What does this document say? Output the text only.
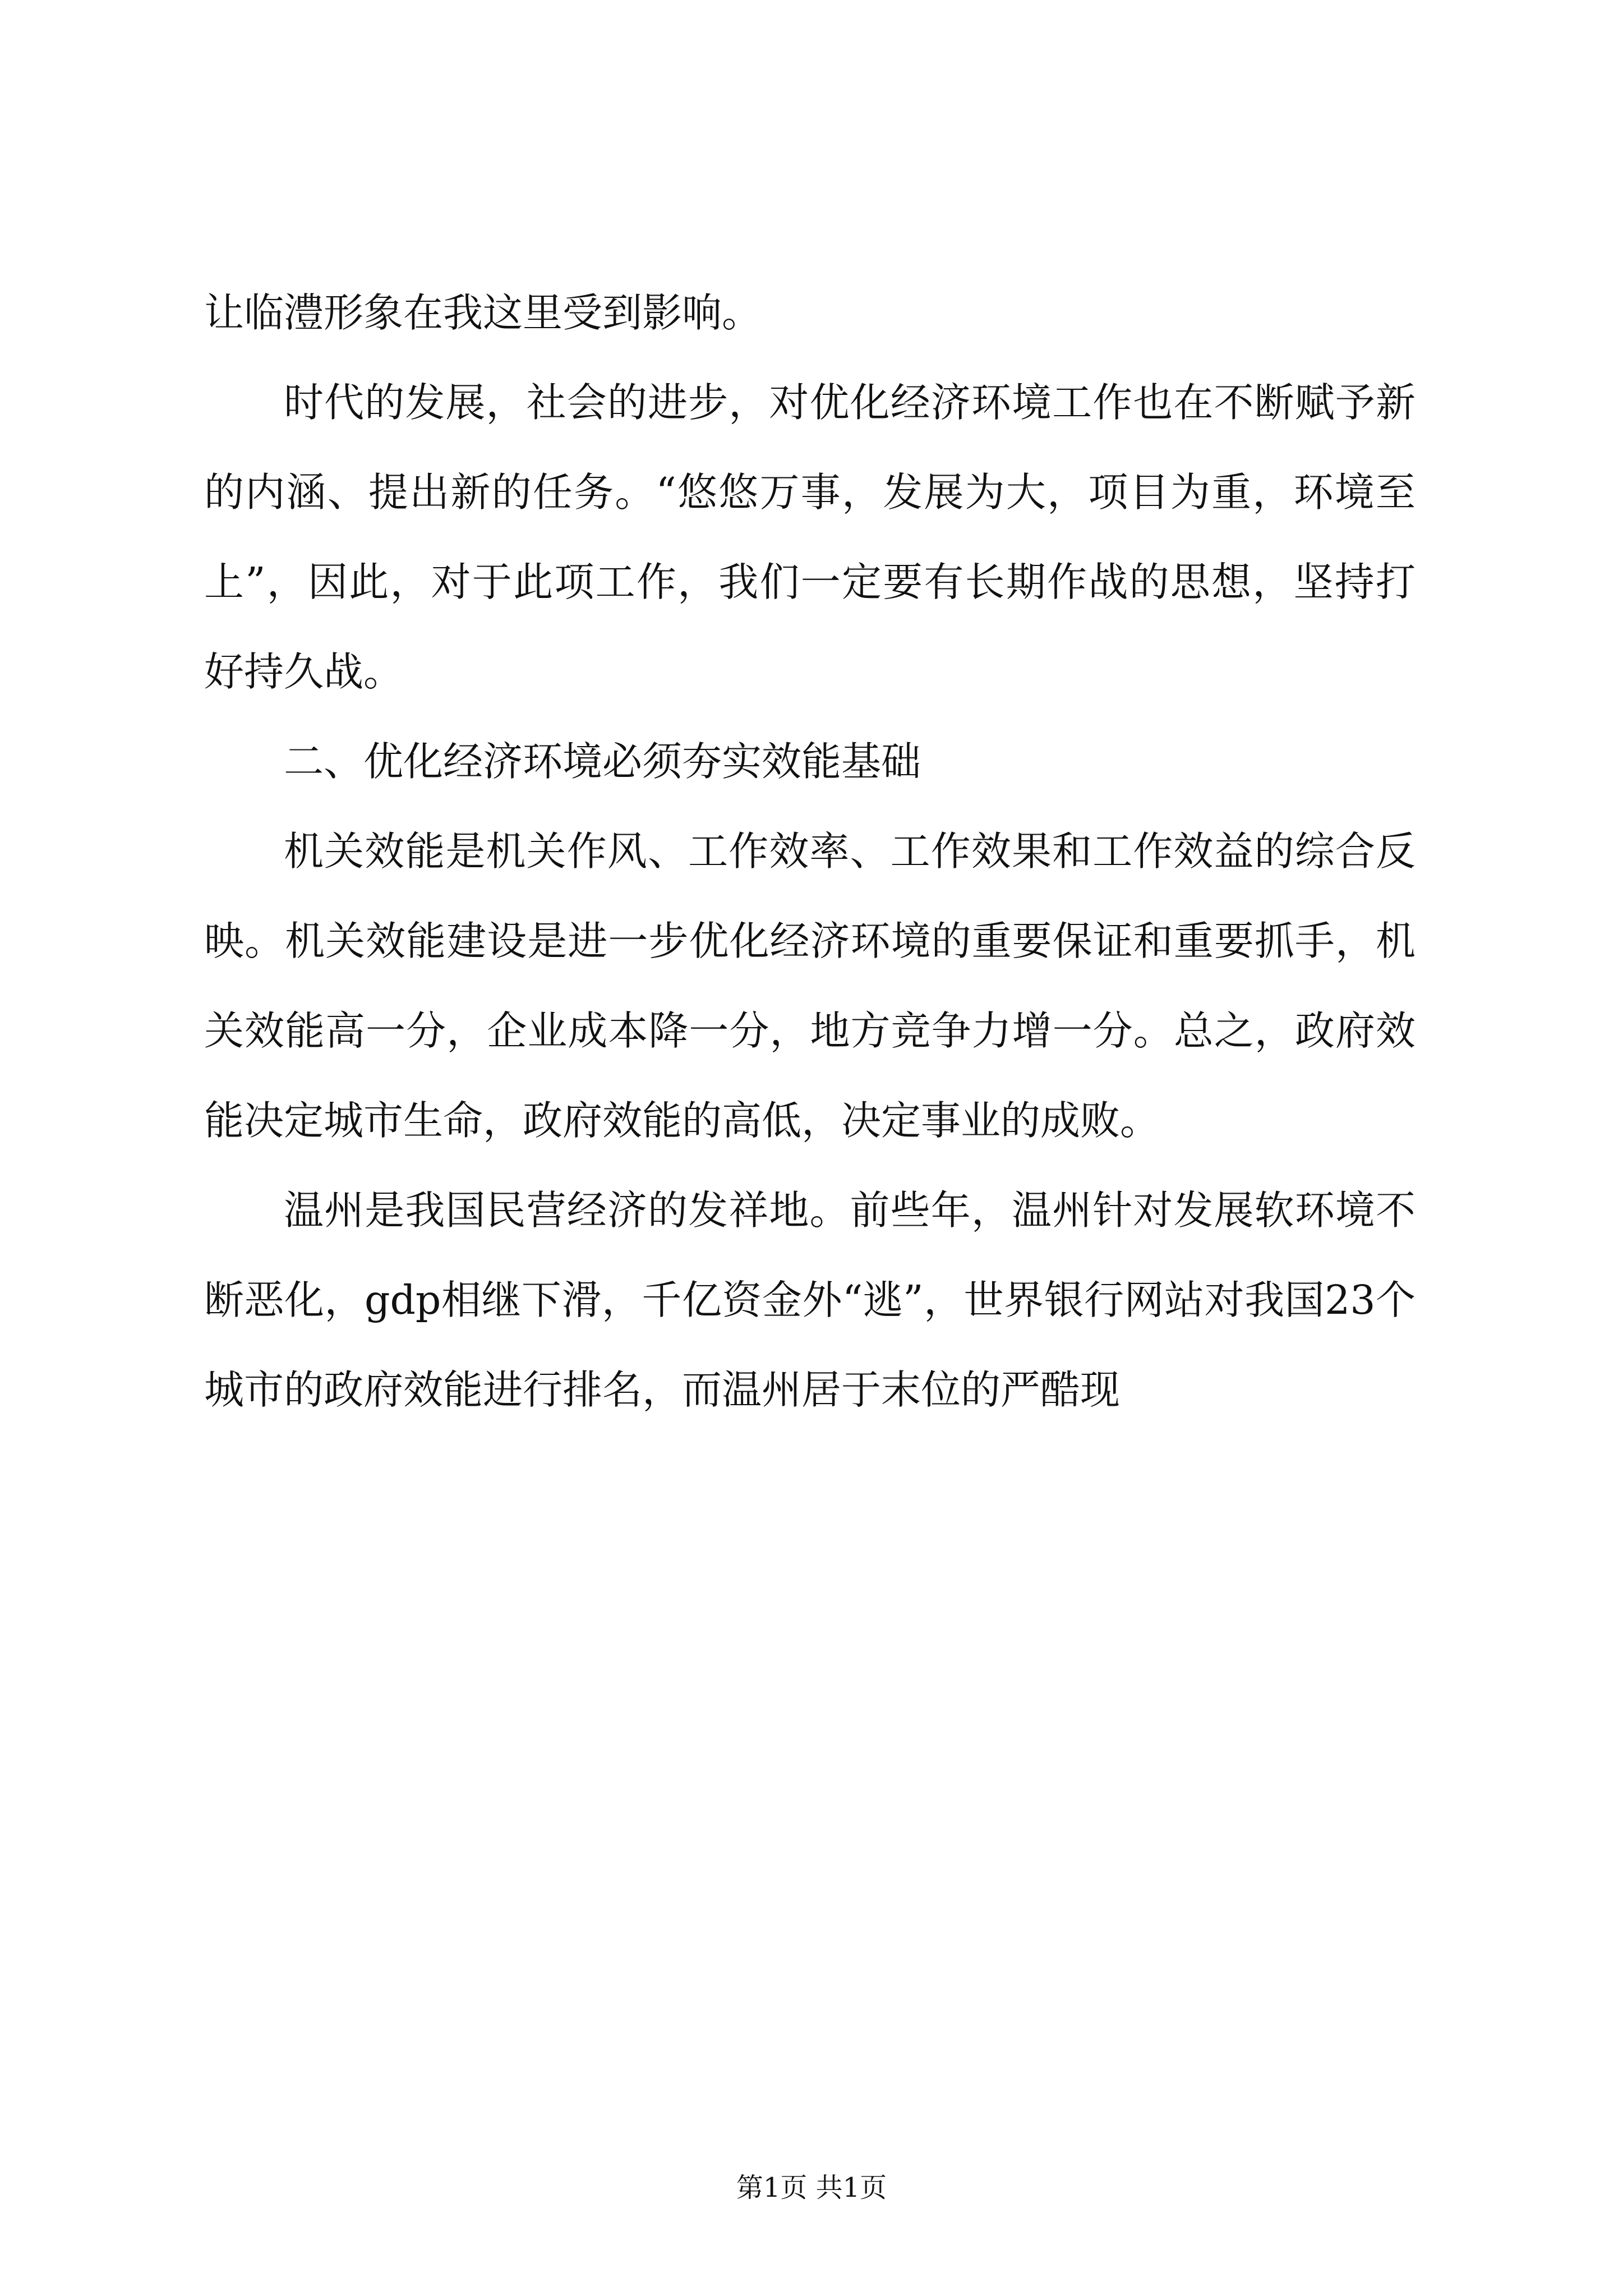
让临澧形象在我这里受到影响。

时代的发展，社会的进步，对优化经济环境工作也在不断赋予新的内涵、提出新的任务。“悠悠万事，发展为大，项目为重，环境至上”，因此，对于此项工作，我们一定要有长期作战的思想，坚持打好持久战。

二、优化经济环境必须夯实效能基础

机关效能是机关作风、工作效率、工作效果和工作效益的综合反映。机关效能建设是进一步优化经济环境的重要保证和重要抓手，机关效能高一分，企业成本降一分，地方竞争力增一分。总之，政府效能决定城市生命，政府效能的高低，决定事业的成败。

温州是我国民营经济的发祥地。前些年，温州针对发展软环境不断恶化，gdp相继下滑，千亿资金外“逃”，世界银行网站对我国23个城市的政府效能进行排名，而温州居于末位的严酷现

第1页 共1页
